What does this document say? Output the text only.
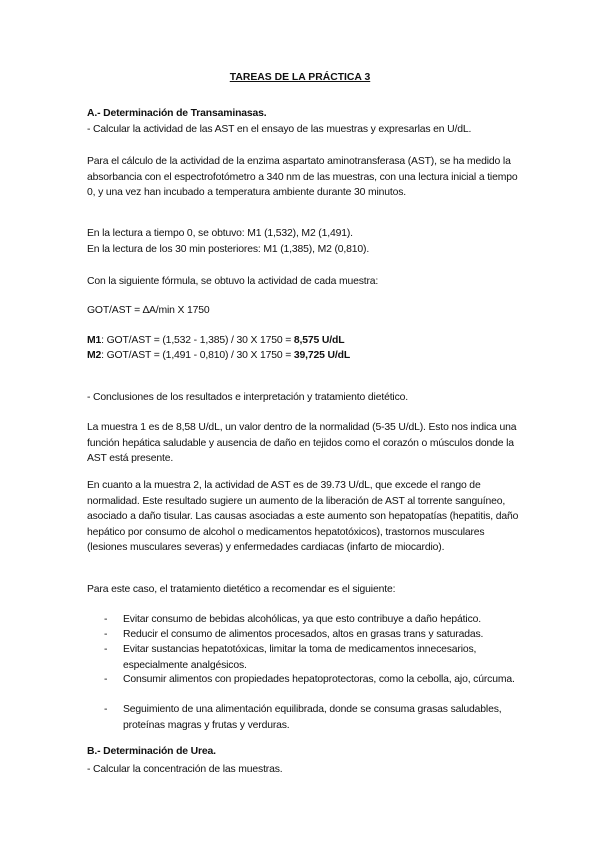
TAREAS DE LA PRÁCTICA 3
A.- Determinación de Transaminasas.
- Calcular la actividad de las AST en el ensayo de las muestras y expresarlas en U/dL.
Para el cálculo de la actividad de la enzima aspartato aminotransferasa (AST), se ha medido la absorbancia con el espectrofotómetro a 340 nm de las muestras, con una lectura inicial a tiempo 0, y una vez han incubado a temperatura ambiente durante 30 minutos.
En la lectura a tiempo 0, se obtuvo: M1 (1,532), M2 (1,491).
En la lectura de los 30 min posteriores: M1 (1,385), M2 (0,810).
Con la siguiente fórmula, se obtuvo la actividad de cada muestra:
GOT/AST = ∆A/min X 1750
M1: GOT/AST = (1,532 - 1,385) / 30 X 1750 = 8,575 U/dL
M2: GOT/AST = (1,491 - 0,810) / 30 X 1750 = 39,725 U/dL
- Conclusiones de los resultados e interpretación y tratamiento dietético.
La muestra 1 es de 8,58 U/dL, un valor dentro de la normalidad (5-35 U/dL). Esto nos indica una función hepática saludable y ausencia de daño en tejidos como el corazón o músculos donde la AST está presente.
En cuanto a la muestra 2, la actividad de AST es de 39.73 U/dL, que excede el rango de normalidad. Este resultado sugiere un aumento de la liberación de AST al torrente sanguíneo, asociado a daño tisular. Las causas asociadas a este aumento son hepatopatías (hepatitis, daño hepático por consumo de alcohol o medicamentos hepatotóxicos), trastornos musculares (lesiones musculares severas) y enfermedades cardiacas (infarto de miocardio).
Para este caso, el tratamiento dietético a recomendar es el siguiente:
- Evitar consumo de bebidas alcohólicas, ya que esto contribuye a daño hepático.
- Reducir el consumo de alimentos procesados, altos en grasas trans y saturadas.
- Evitar sustancias hepatotóxicas, limitar la toma de medicamentos innecesarios, especialmente analgésicos.
- Consumir alimentos con propiedades hepatoprotectoras, como la cebolla, ajo, cúrcuma.
- Seguimiento de una alimentación equilibrada, donde se consuma grasas saludables, proteínas magras y frutas y verduras.
B.- Determinación de Urea.
- Calcular la concentración de las muestras.
